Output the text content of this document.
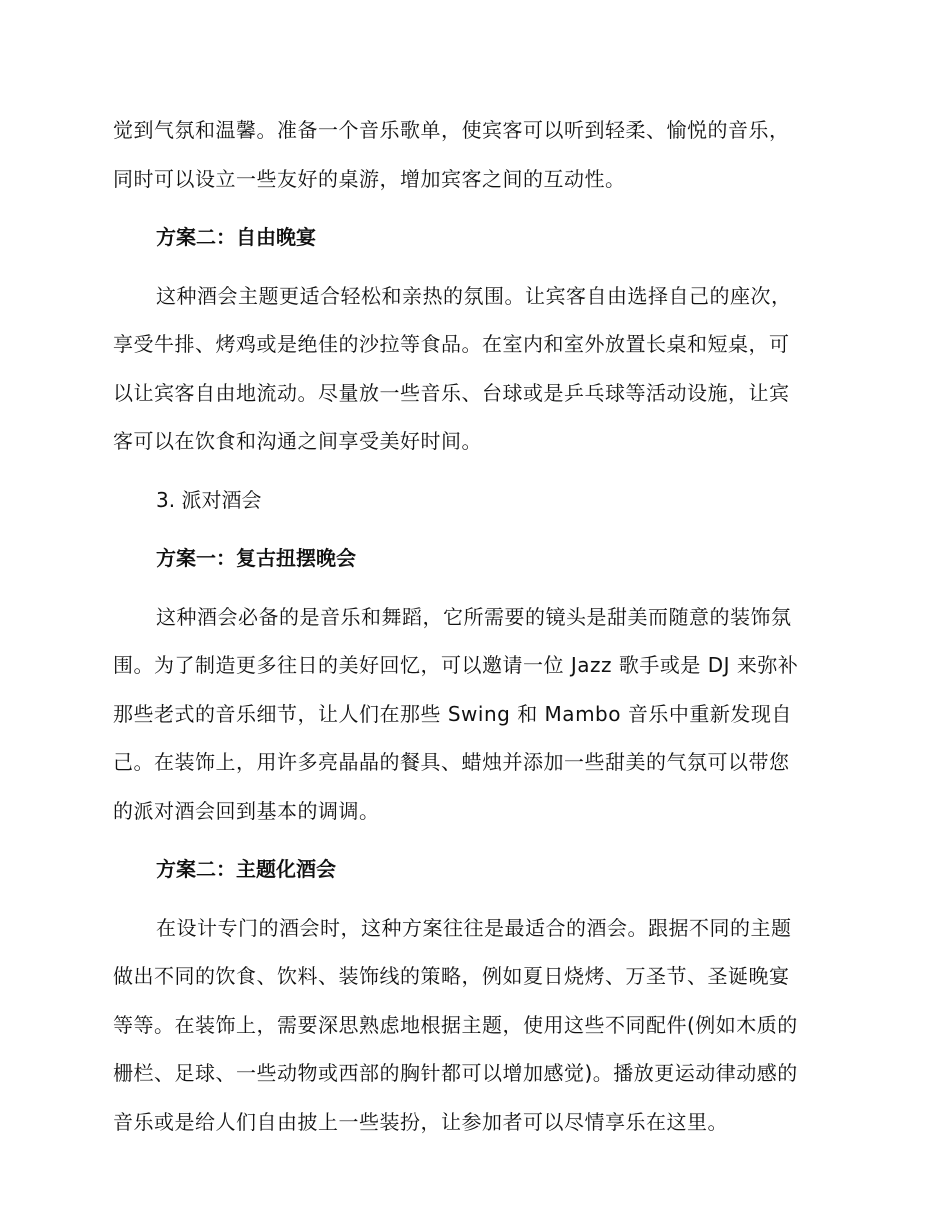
觉到气氛和温馨。准备一个音乐歌单，使宾客可以听到轻柔、愉悦的音乐，
同时可以设立一些友好的桌游，增加宾客之间的互动性。

方案二：自由晚宴

这种酒会主题更适合轻松和亲热的氛围。让宾客自由选择自己的座次，
享受牛排、烤鸡或是绝佳的沙拉等食品。在室内和室外放置长桌和短桌，可
以让宾客自由地流动。尽量放一些音乐、台球或是乒乓球等活动设施，让宾
客可以在饮食和沟通之间享受美好时间。

3. 派对酒会
方案一：复古扭摆晚会

这种酒会必备的是音乐和舞蹈，它所需要的镜头是甜美而随意的装饰氛
围。为了制造更多往日的美好回忆，可以邀请一位 Jazz 歌手或是 DJ 来弥补
那些老式的音乐细节，让人们在那些 Swing 和 Mambo 音乐中重新发现自
己。在装饰上，用许多亮晶晶的餐具、蜡烛并添加一些甜美的气氛可以带您
的派对酒会回到基本的调调。

方案二：主题化酒会

在设计专门的酒会时，这种方案往往是最适合的酒会。跟据不同的主题
做出不同的饮食、饮料、装饰线的策略，例如夏日烧烤、万圣节、圣诞晚宴
等等。在装饰上，需要深思熟虑地根据主题，使用这些不同配件(例如木质的
栅栏、足球、一些动物或西部的胸针都可以增加感觉)。播放更运动律动感的
音乐或是给人们自由披上一些装扮，让参加者可以尽情享乐在这里。
